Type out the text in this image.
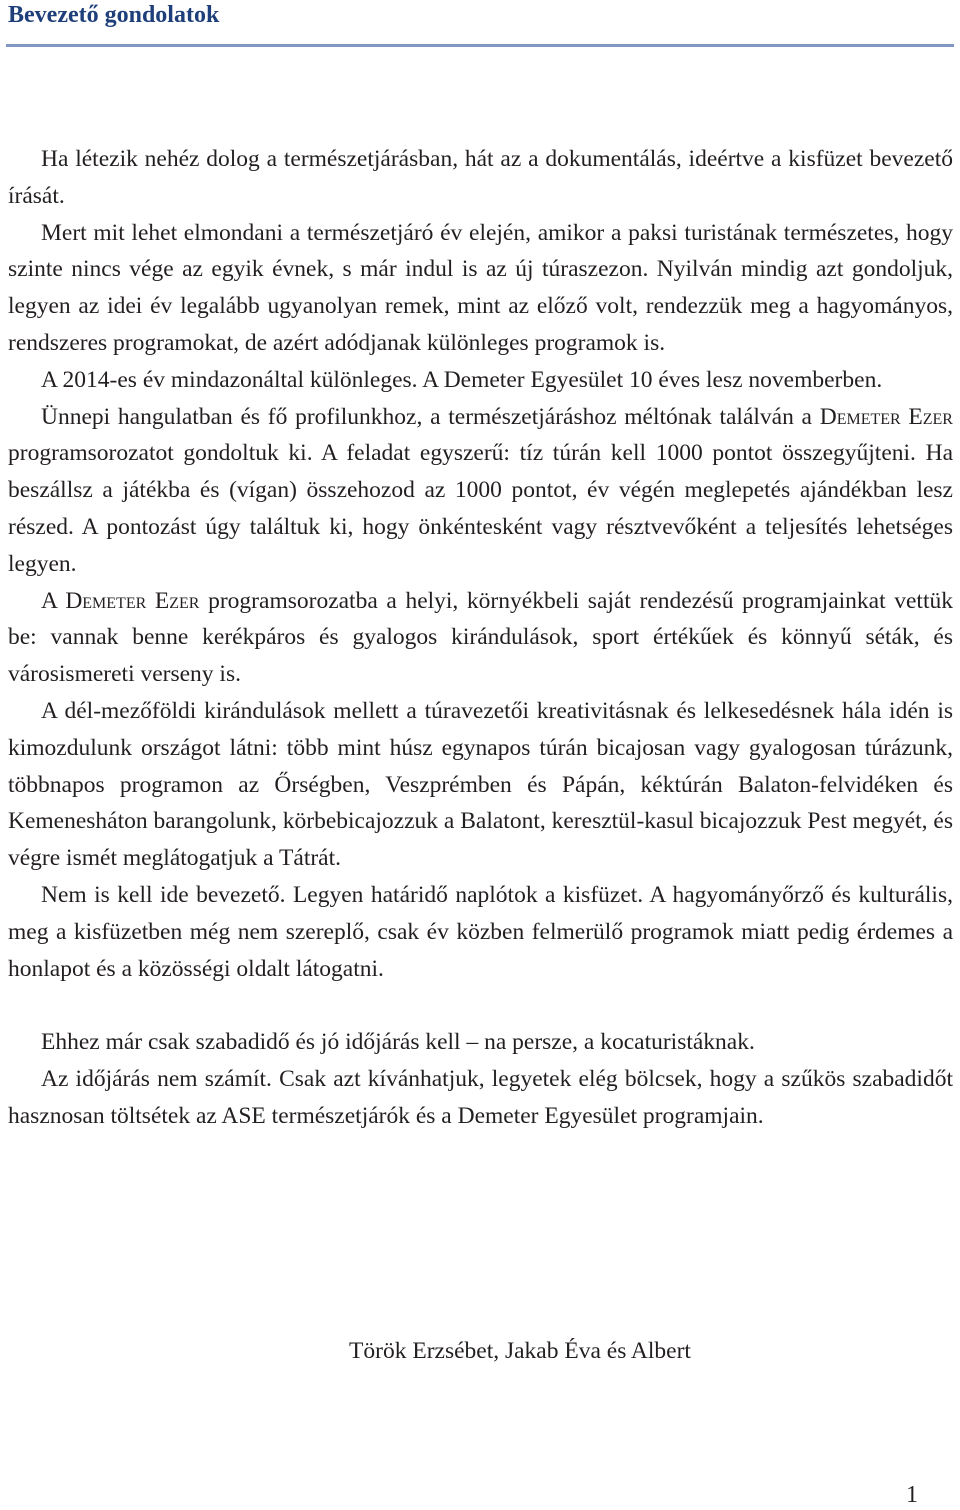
Bevezető gondolatok

Ha létezik nehéz dolog a természetjárásban, hát az a dokumentálás, ideértve a kisfüzet bevezető írását.

Mert mit lehet elmondani a természetjáró év elején, amikor a paksi turistának természetes, hogy szinte nincs vége az egyik évnek, s már indul is az új túraszezon. Nyilván mindig azt gondoljuk, legyen az idei év legalább ugyanolyan remek, mint az előző volt, rendezzük meg a hagyományos, rendszeres programokat, de azért adódjanak különleges programok is.

A 2014-es év mindazonáltal különleges. A Demeter Egyesület 10 éves lesz novemberben.

Ünnepi hangulatban és fő profilunkhoz, a természetjáráshoz méltónak találván a Demeter Ezer programsorozatot gondoltuk ki. A feladat egyszerű: tíz túrán kell 1000 pontot összegyűjteni. Ha beszállsz a játékba és (vígan) összehozod az 1000 pontot, év végén meglepetés ajándékban lesz részed. A pontozást úgy találtuk ki, hogy önkéntesként vagy résztvevőként a teljesítés lehetséges legyen.

A Demeter Ezer programsorozatba a helyi, környékbeli saját rendezésű programjainkat vettük be: vannak benne kerékpáros és gyalogos kirándulások, sport értékűek és könnyű séták, és városismereti verseny is.

A dél-mezőföldi kirándulások mellett a túravezetői kreativitásnak és lelkesedésnek hála idén is kimozdulunk országot látni: több mint húsz egynapos túrán bicajosan vagy gyalogosan túrázunk, többnapos programon az Őrségben, Veszprémben és Pápán, kéktúrán Balaton-felvidéken és Kemenesháton barangolunk, körbebicajozzuk a Balatont, keresztül-kasul bicajozzuk Pest megyét, és végre ismét meglátogatjuk a Tátrát.

Nem is kell ide bevezető. Legyen határidő naplótok a kisfüzet. A hagyományőrző és kulturális, meg a kisfüzetben még nem szereplő, csak év közben felmerülő programok miatt pedig érdemes a honlapot és a közösségi oldalt látogatni.

Ehhez már csak szabadidő és jó időjárás kell – na persze, a kocaturistáknak.

Az időjárás nem számít. Csak azt kívánhatjuk, legyetek elég bölcsek, hogy a szűkös szabadidőt hasznosan töltsétek az ASE természetjárók és a Demeter Egyesület programjain.

Török Erzsébet, Jakab Éva és Albert
1
